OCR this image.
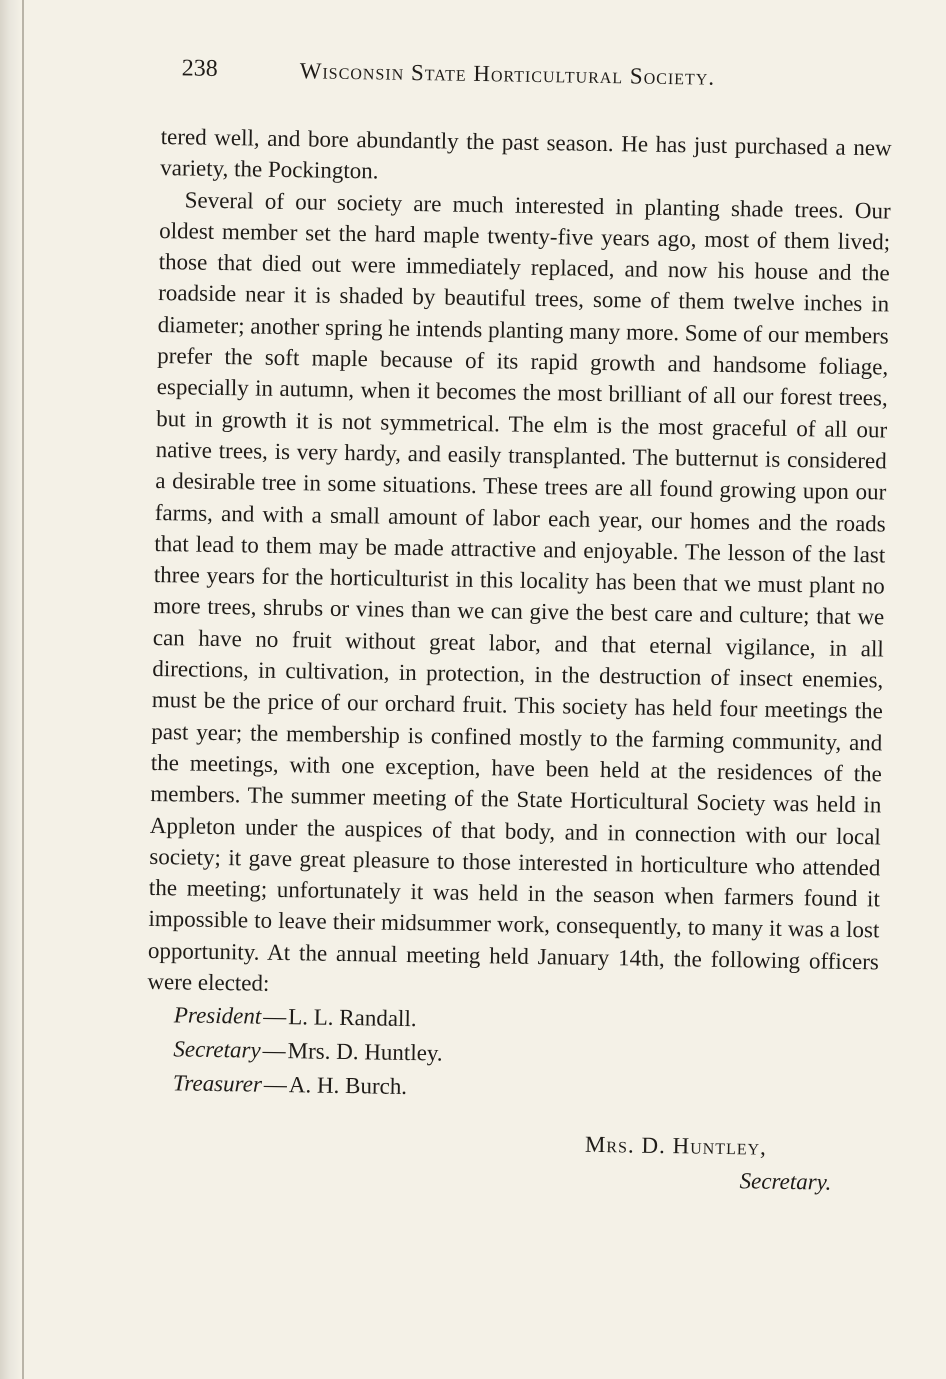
238	Wisconsin State Horticultural Society.

tered well, and bore abundantly the past season. He has just purchased a new variety, the Pockington.

Several of our society are much interested in planting shade trees. Our oldest member set the hard maple twenty-five years ago, most of them lived; those that died out were immediately replaced, and now his house and the roadside near it is shaded by beautiful trees, some of them twelve inches in diameter; another spring he intends planting many more. Some of our members prefer the soft maple because of its rapid growth and handsome foliage, especially in autumn, when it becomes the most brilliant of all our forest trees, but in growth it is not symmetrical. The elm is the most graceful of all our native trees, is very hardy, and easily transplanted. The butternut is considered a desirable tree in some situations. These trees are all found growing upon our farms, and with a small amount of labor each year, our homes and the roads that lead to them may be made attractive and enjoyable. The lesson of the last three years for the horticulturist in this locality has been that we must plant no more trees, shrubs or vines than we can give the best care and culture; that we can have no fruit without great labor, and that eternal vigilance, in all directions, in cultivation, in protection, in the destruction of insect enemies, must be the price of our orchard fruit. This society has held four meetings the past year; the membership is confined mostly to the farming community, and the meetings, with one exception, have been held at the residences of the members. The summer meeting of the State Horticultural Society was held in Appleton under the auspices of that body, and in connection with our local society; it gave great pleasure to those interested in horticulture who attended the meeting; unfortunately it was held in the season when farmers found it impossible to leave their midsummer work, consequently, to many it was a lost opportunity. At the annual meeting held January 14th, the following officers were elected:

President—L. L. Randall.
Secretary—Mrs. D. Huntley.
Treasurer—A. H. Burch.
Mrs. D. Huntley,
Secretary.
